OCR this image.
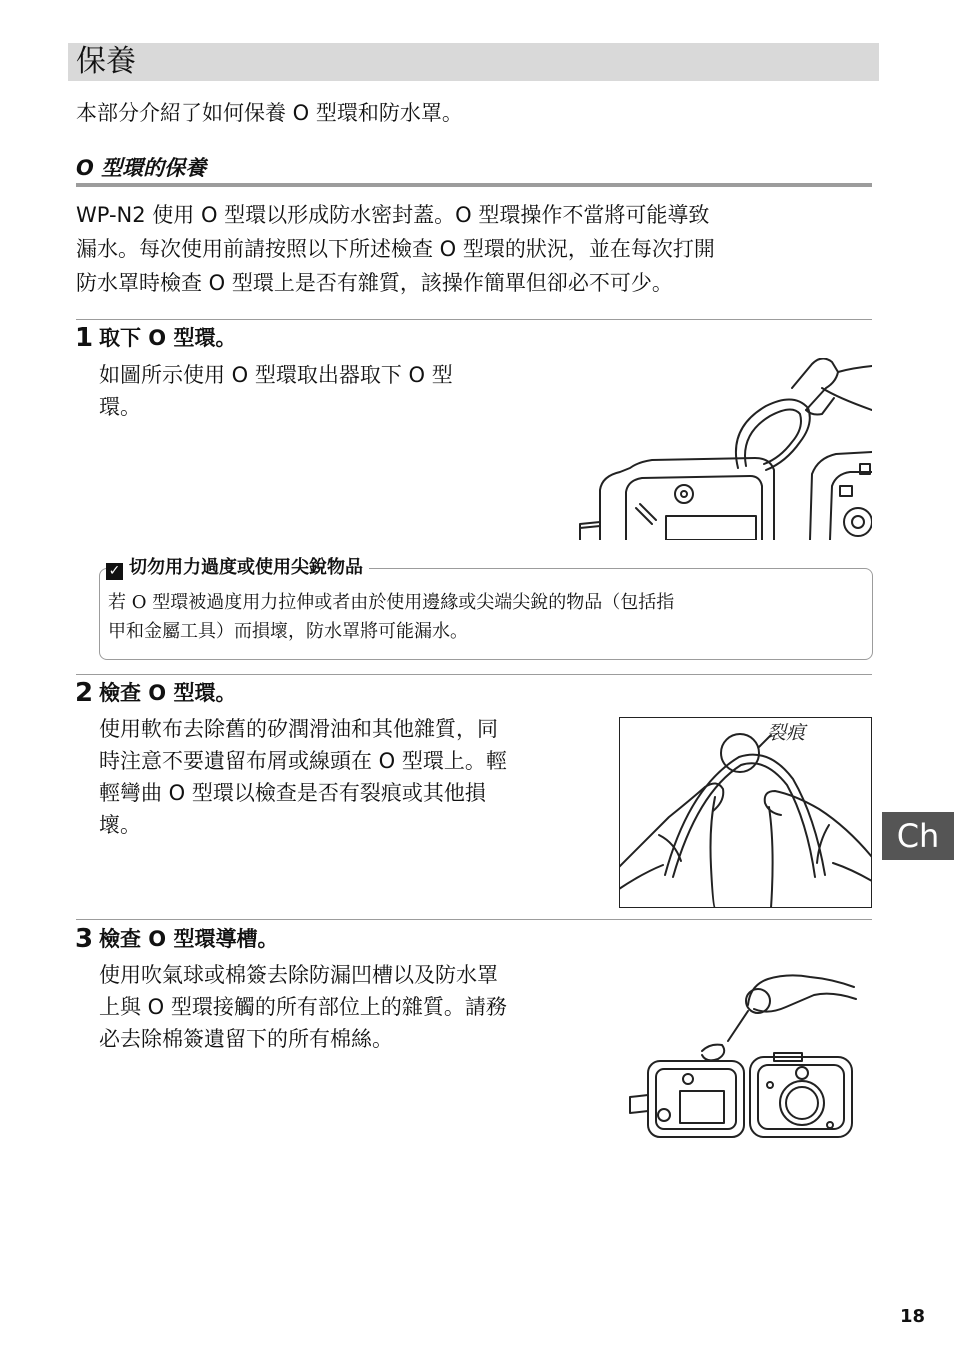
保養
本部分介紹了如何保養 O 型環和防水罩。
O 型環的保養
WP-N2 使用 O 型環以形成防水密封蓋。O 型環操作不當將可能導致
漏水。每次使用前請按照以下所述檢查 O 型環的狀況，並在每次打開
防水罩時檢查 O 型環上是否有雜質，該操作簡單但卻必不可少。
1 取下 O 型環。
如圖所示使用 O 型環取出器取下 O 型
環。
✓ 切勿用力過度或使用尖銳物品
若 O 型環被過度用力拉伸或者由於使用邊緣或尖端尖銳的物品（包括指
甲和金屬工具）而損壞，防水罩將可能漏水。
2 檢查 O 型環。
使用軟布去除舊的矽潤滑油和其他雜質，同
時注意不要遺留布屑或線頭在 O 型環上。輕
輕彎曲 O 型環以檢查是否有裂痕或其他損
壞。
裂痕
Ch
3 檢查 O 型環導槽。
使用吹氣球或棉簽去除防漏凹槽以及防水罩
上與 O 型環接觸的所有部位上的雜質。請務
必去除棉簽遺留下的所有棉絲。
18
